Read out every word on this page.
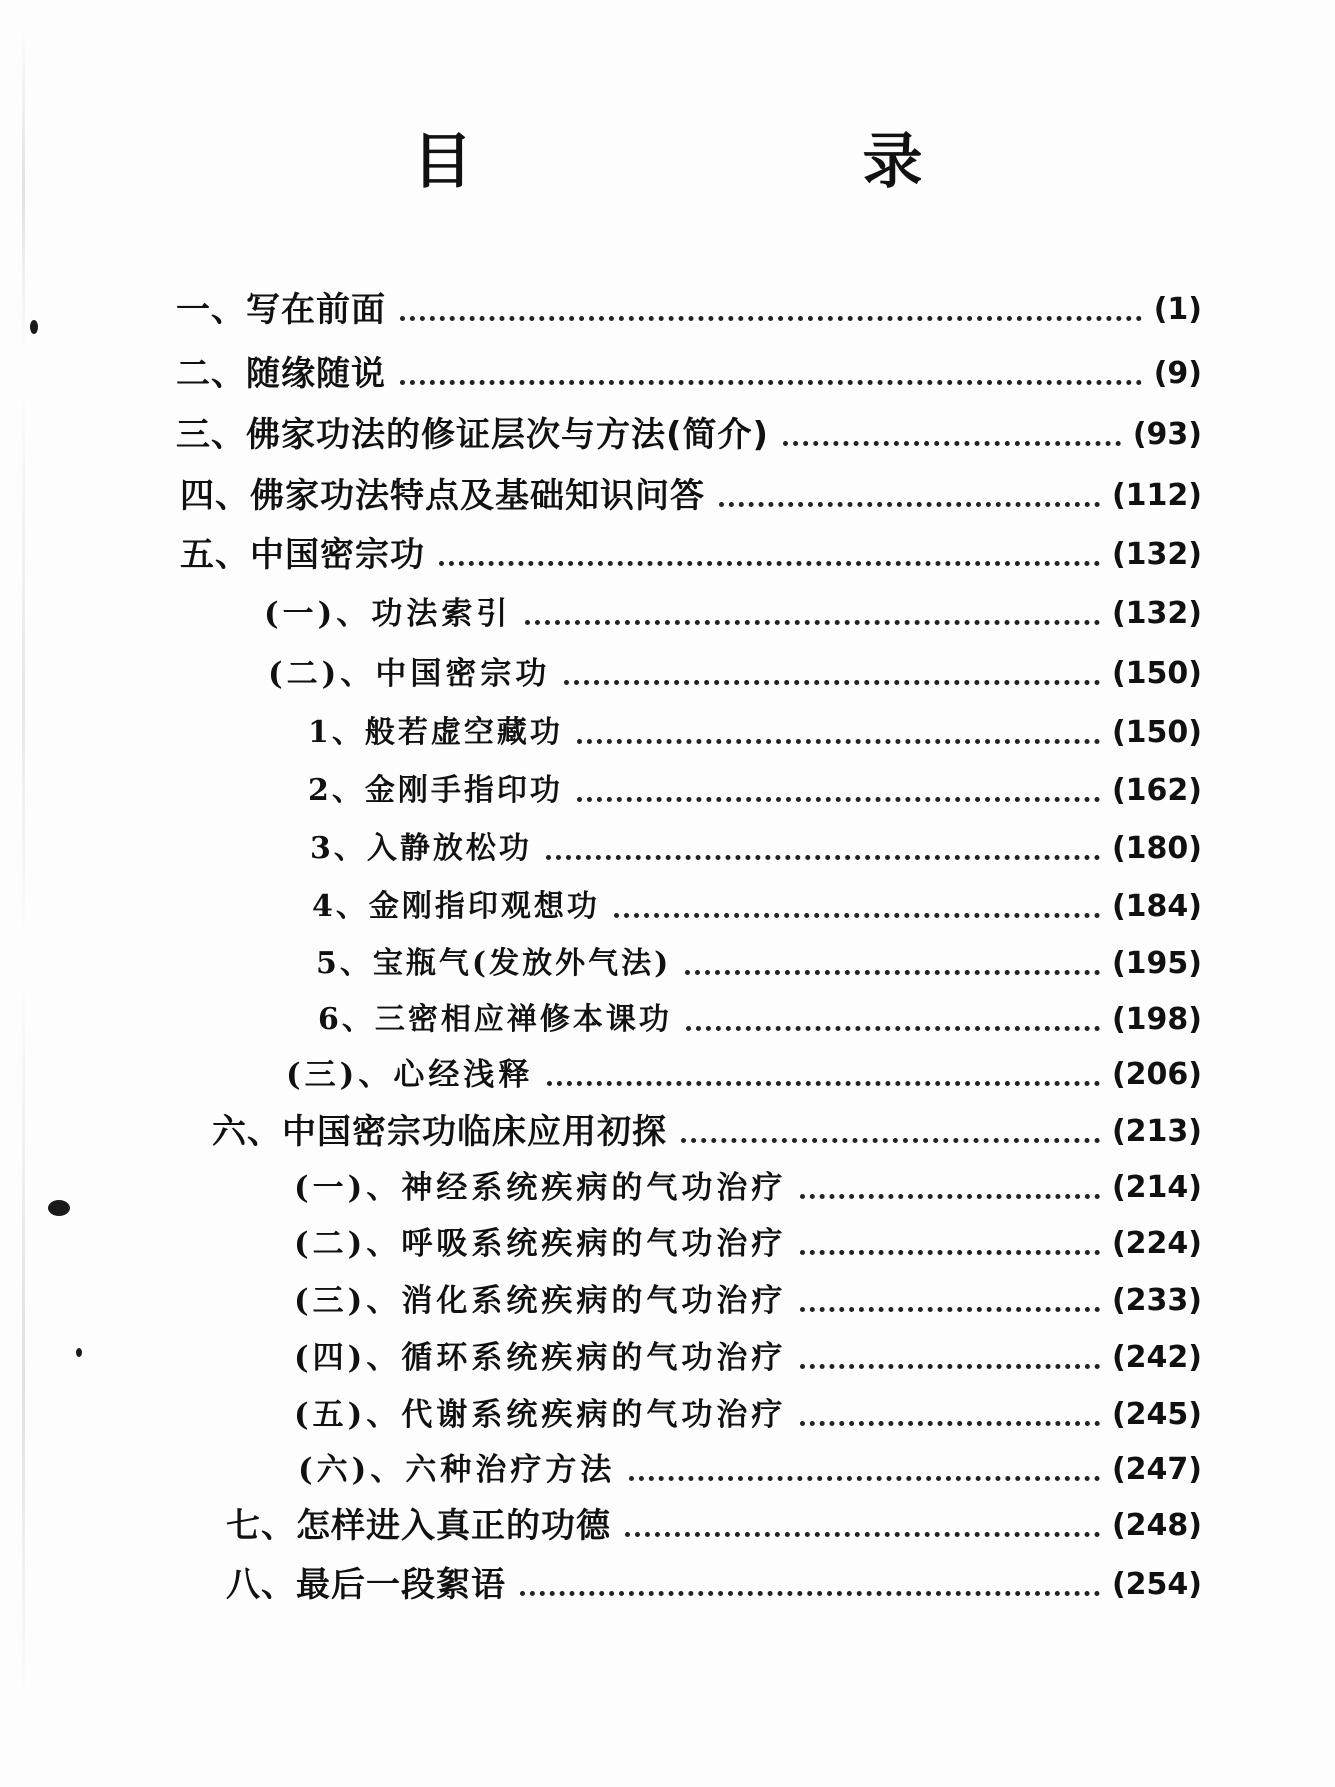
目　录
一、写在前面	(1)
二、随缘随说	(9)
三、佛家功法的修证层次与方法(简介)	(93)
四、佛家功法特点及基础知识问答	(112)
五、中国密宗功	(132)
(一)、功法索引	(132)
(二)、中国密宗功	(150)
1、般若虚空藏功	(150)
2、金刚手指印功	(162)
3、入静放松功	(180)
4、金刚指印观想功	(184)
5、宝瓶气(发放外气法)	(195)
6、三密相应禅修本课功	(198)
(三)、心经浅释	(206)
六、中国密宗功临床应用初探	(213)
(一)、神经系统疾病的气功治疗	(214)
(二)、呼吸系统疾病的气功治疗	(224)
(三)、消化系统疾病的气功治疗	(233)
(四)、循环系统疾病的气功治疗	(242)
(五)、代谢系统疾病的气功治疗	(245)
(六)、六种治疗方法	(247)
七、怎样进入真正的功德	(248)
八、最后一段絮语	(254)
